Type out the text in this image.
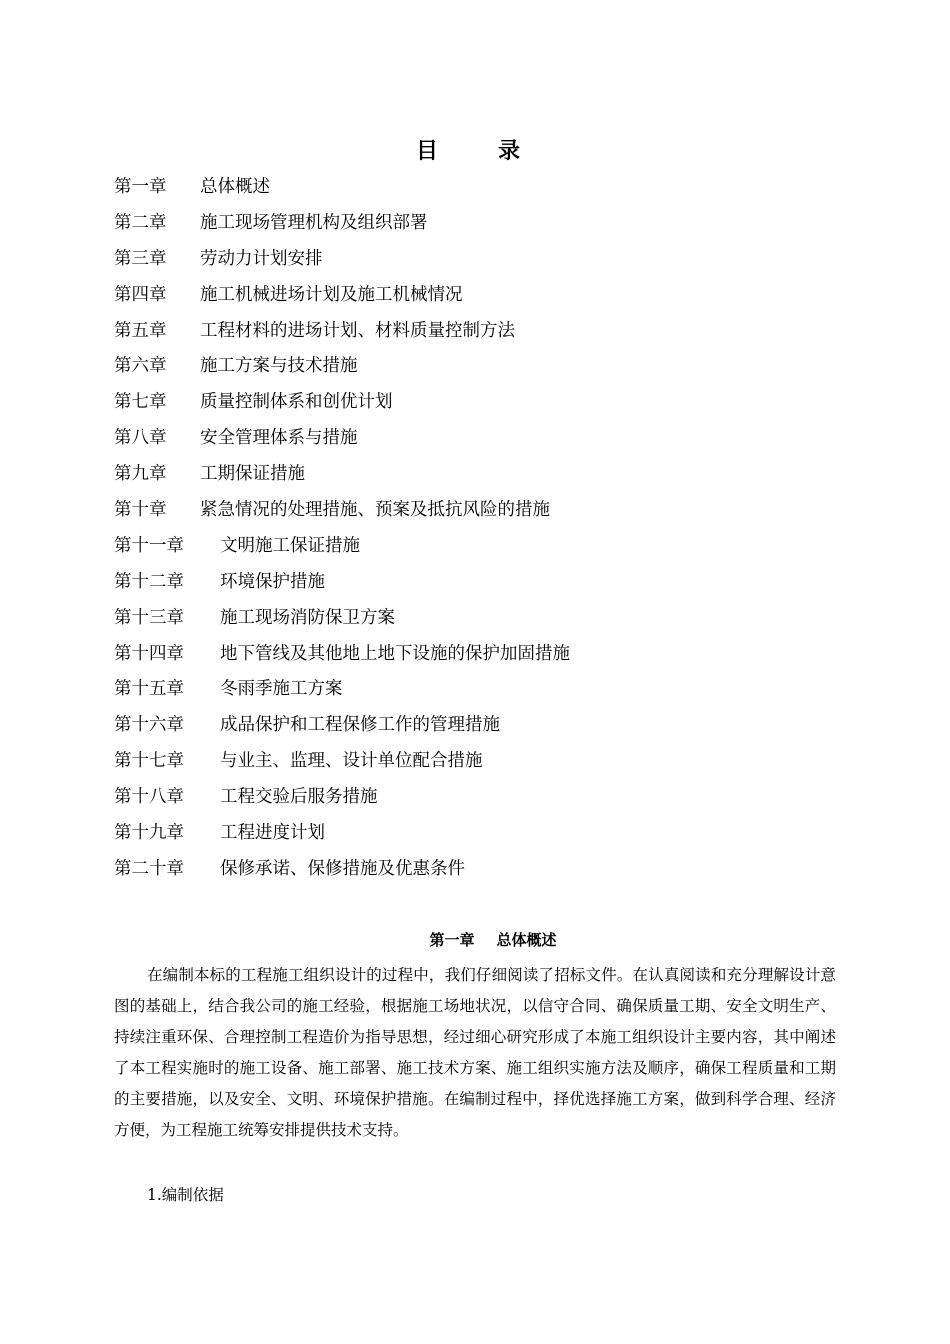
目录
第一章 总体概述
第二章 施工现场管理机构及组织部署
第三章 劳动力计划安排
第四章 施工机械进场计划及施工机械情况
第五章 工程材料的进场计划、材料质量控制方法
第六章 施工方案与技术措施
第七章 质量控制体系和创优计划
第八章 安全管理体系与措施
第九章 工期保证措施
第十章 紧急情况的处理措施、预案及抵抗风险的措施
第十一章 文明施工保证措施
第十二章 环境保护措施
第十三章 施工现场消防保卫方案
第十四章 地下管线及其他地上地下设施的保护加固措施
第十五章 冬雨季施工方案
第十六章 成品保护和工程保修工作的管理措施
第十七章 与业主、监理、设计单位配合措施
第十八章 工程交验后服务措施
第十九章 工程进度计划
第二十章 保修承诺、保修措施及优惠条件
第一章 总体概述

在编制本标的工程施工组织设计的过程中，我们仔细阅读了招标文件。在认真阅读和充分理解设计意图的基础上，结合我公司的施工经验，根据施工场地状况，以信守合同、确保质量工期、安全文明生产、持续注重环保、合理控制工程造价为指导思想，经过细心研究形成了本施工组织设计主要内容，其中阐述了本工程实施时的施工设备、施工部署、施工技术方案、施工组织实施方法及顺序，确保工程质量和工期的主要措施，以及安全、文明、环境保护措施。在编制过程中，择优选择施工方案，做到科学合理、经济方便，为工程施工统筹安排提供技术支持。

1.编制依据
